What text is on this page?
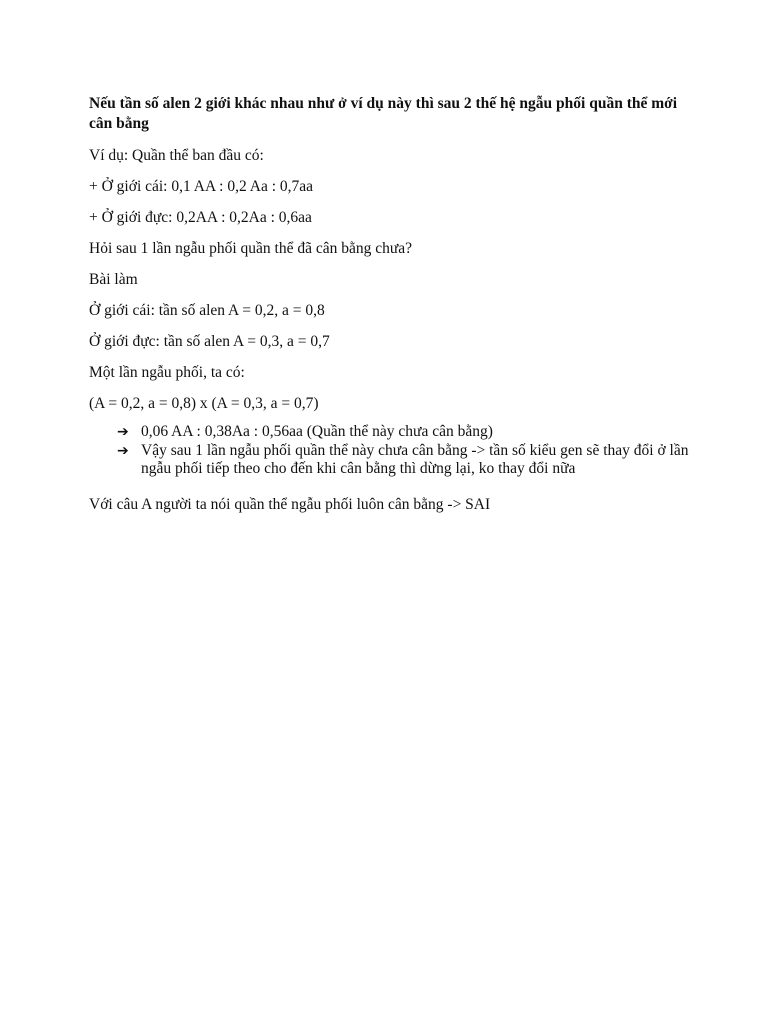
Nếu tần số alen 2 giới khác nhau như ở ví dụ này thì sau 2 thế hệ ngẫu phối quần thể mới cân bằng
Ví dụ: Quần thể ban đầu có:
+ Ở giới cái: 0,1 AA : 0,2 Aa : 0,7aa
+ Ở giới đực: 0,2AA : 0,2Aa : 0,6aa
Hỏi sau 1 lần ngẫu phối quần thể đã cân bằng chưa?
Bài làm
Ở giới cái: tần số alen A = 0,2, a = 0,8
Ở giới đực: tần số alen A = 0,3, a = 0,7
Một lần ngẫu phối, ta có:
(A = 0,2, a = 0,8) x (A = 0,3, a = 0,7)
➔ 0,06 AA : 0,38Aa : 0,56aa (Quần thể này chưa cân bằng)
➔ Vậy sau 1 lần ngẫu phối quần thể này chưa cân bằng -> tần số kiểu gen sẽ thay đổi ở lần ngẫu phối tiếp theo cho đến khi cân bằng thì dừng lại, ko thay đổi nữa
Với câu A người ta nói quần thể ngẫu phối luôn cân bằng -> SAI
